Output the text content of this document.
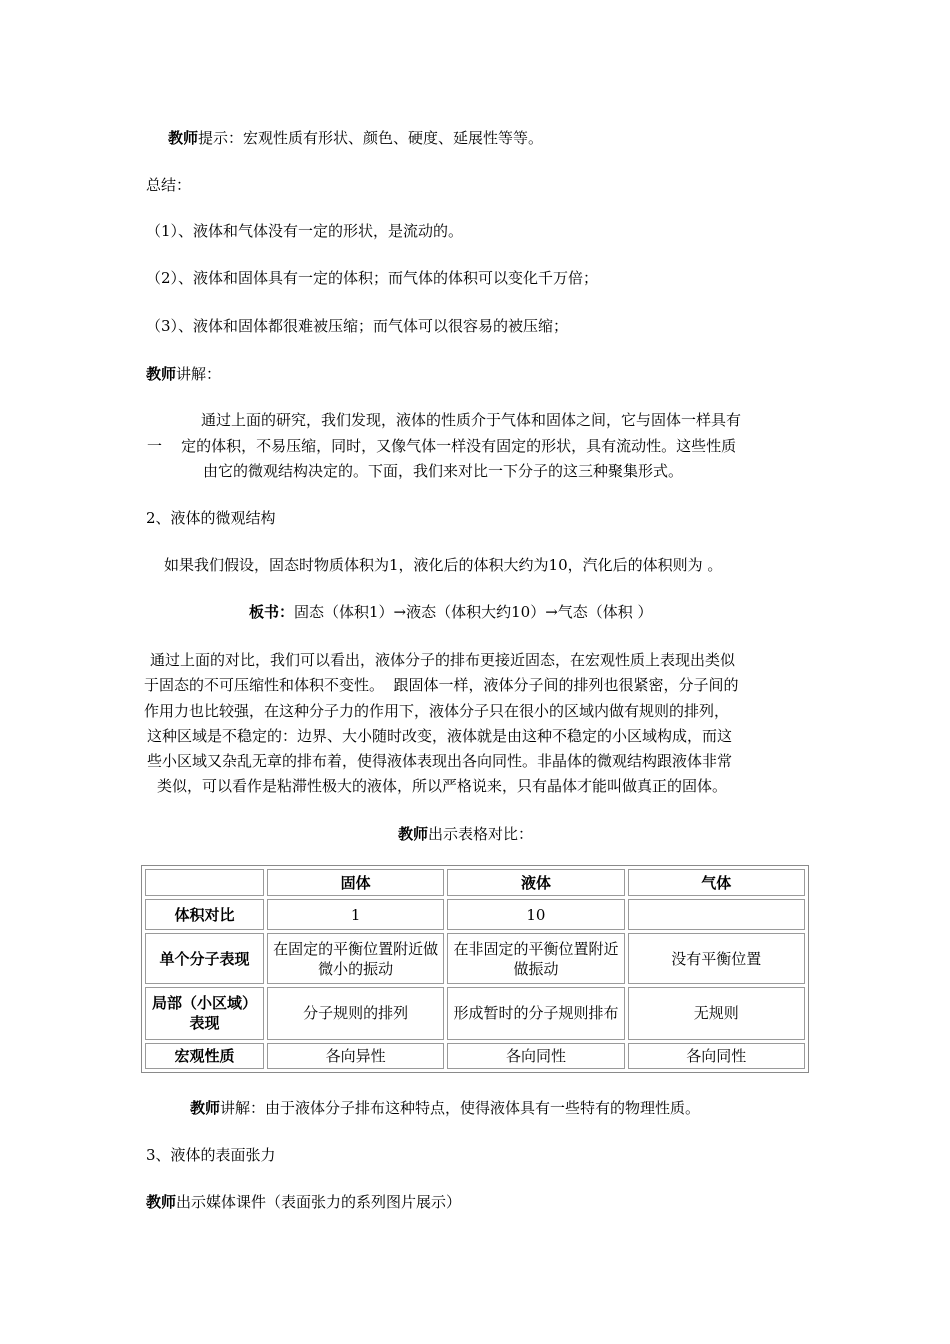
教师提示：宏观性质有形状、颜色、硬度、延展性等等。
总结：
（1）、液体和气体没有一定的形状，是流动的。
（2）、液体和固体具有一定的体积；而气体的体积可以变化千万倍；
（3）、液体和固体都很难被压缩；而气体可以很容易的被压缩；
教师讲解：
通过上面的研究，我们发现，液体的性质介于气体和固体之间，它与固体一样具有
一    定的体积，不易压缩，同时，又像气体一样没有固定的形状，具有流动性。这些性质
由它的微观结构决定的。下面，我们来对比一下分子的这三种聚集形式。
2、液体的微观结构
如果我们假设，固态时物质体积为1，液化后的体积大约为10，汽化后的体积则为 。
板书：固态（体积1）→液态（体积大约10）→气态（体积 ）
通过上面的对比，我们可以看出，液体分子的排布更接近固态，在宏观性质上表现出类似
于固态的不可压缩性和体积不变性。  跟固体一样，液体分子间的排列也很紧密，分子间的
作用力也比较强，在这种分子力的作用下，液体分子只在很小的区域内做有规则的排列，
这种区域是不稳定的：边界、大小随时改变，液体就是由这种不稳定的小区域构成，而这
些小区域又杂乱无章的排布着，使得液体表现出各向同性。非晶体的微观结构跟液体非常
类似，可以看作是粘滞性极大的液体，所以严格说来，只有晶体才能叫做真正的固体。
教师出示表格对比：
	固体	液体	气体
体积对比	1	10	
单个分子表现	在固定的平衡位置附近做微小的振动	在非固定的平衡位置附近做振动	没有平衡位置
局部（小区域）表现	分子规则的排列	形成暂时的分子规则排布	无规则
宏观性质	各向异性	各向同性	各向同性
教师讲解：由于液体分子排布这种特点，使得液体具有一些特有的物理性质。
3、液体的表面张力
教师出示媒体课件（表面张力的系列图片展示）
